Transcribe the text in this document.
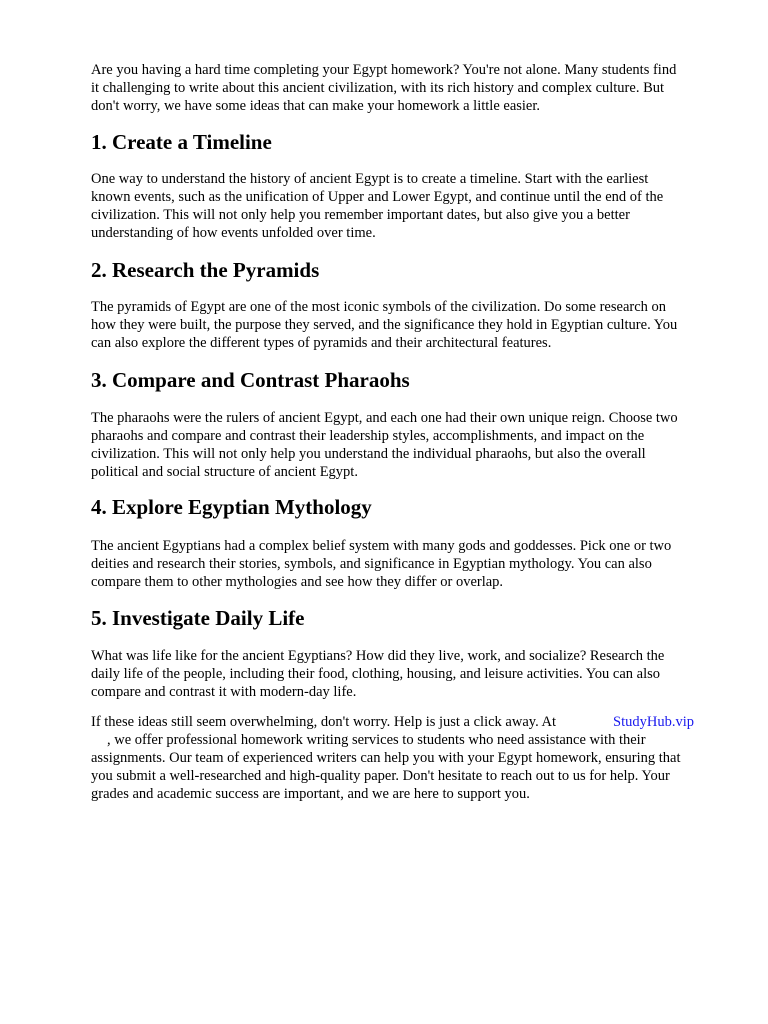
Are you having a hard time completing your Egypt homework? You're not alone. Many students find
it challenging to write about this ancient civilization, with its rich history and complex culture. But
don't worry, we have some ideas that can make your homework a little easier.
1. Create a Timeline
One way to understand the history of ancient Egypt is to create a timeline. Start with the earliest
known events, such as the unification of Upper and Lower Egypt, and continue until the end of the
civilization. This will not only help you remember important dates, but also give you a better
understanding of how events unfolded over time.
2. Research the Pyramids
The pyramids of Egypt are one of the most iconic symbols of the civilization. Do some research on
how they were built, the purpose they served, and the significance they hold in Egyptian culture. You
can also explore the different types of pyramids and their architectural features.
3. Compare and Contrast Pharaohs
The pharaohs were the rulers of ancient Egypt, and each one had their own unique reign. Choose two
pharaohs and compare and contrast their leadership styles, accomplishments, and impact on the
civilization. This will not only help you understand the individual pharaohs, but also the overall
political and social structure of ancient Egypt.
4. Explore Egyptian Mythology
The ancient Egyptians had a complex belief system with many gods and goddesses. Pick one or two
deities and research their stories, symbols, and significance in Egyptian mythology. You can also
compare them to other mythologies and see how they differ or overlap.
5. Investigate Daily Life
What was life like for the ancient Egyptians? How did they live, work, and socialize? Research the
daily life of the people, including their food, clothing, housing, and leisure activities. You can also
compare and contrast it with modern-day life.
If these ideas still seem overwhelming, don't worry. Help is just a click away. At	StudyHub.vip
, we offer professional homework writing services to students who need assistance with their
assignments. Our team of experienced writers can help you with your Egypt homework, ensuring that
you submit a well-researched and high-quality paper. Don't hesitate to reach out to us for help. Your
grades and academic success are important, and we are here to support you.
